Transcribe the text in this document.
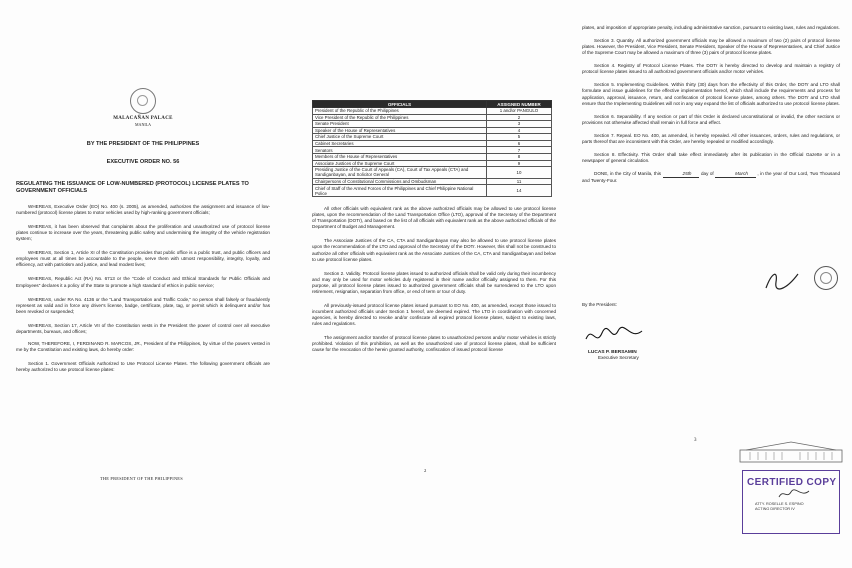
MALACAÑAN PALACE
MANILA
BY THE PRESIDENT OF THE PHILIPPINES
EXECUTIVE ORDER NO. 56
REGULATING THE ISSUANCE OF LOW-NUMBERED (PROTOCOL) LICENSE PLATES TO GOVERNMENT OFFICIALS

WHEREAS, Executive Order (EO) No. 400 (s. 2005), as amended, authorizes the assignment and issuance of low-numbered (protocol) license plates to motor vehicles used by high-ranking government officials;

WHEREAS, it has been observed that complaints about the proliferation and unauthorized use of protocol license plates continue to increase over the years, threatening public safety and undermining the integrity of the vehicle registration system;

WHEREAS, Section 1, Article XI of the Constitution provides that public office is a public trust, and public officers and employees must at all times be accountable to the people, serve them with utmost responsibility, integrity, loyalty, and efficiency, act with patriotism and justice, and lead modest lives;

WHEREAS, Republic Act (RA) No. 6713 or the "Code of Conduct and Ethical Standards for Public Officials and Employees" declares it a policy of the State to promote a high standard of ethics in public service;

WHEREAS, under RA No. 4136 or the "Land Transportation and Traffic Code," no person shall falsely or fraudulently represent as valid and in force any driver's license, badge, certificate, plate, tag, or permit which is delinquent and/or has been revoked or suspended;

WHEREAS, Section 17, Article VII of the Constitution vests in the President the power of control over all executive departments, bureaus, and offices;

NOW, THEREFORE, I, FERDINAND R. MARCOS, JR., President of the Philippines, by virtue of the powers vested in me by the Constitution and existing laws, do hereby order:

Section 1. Government Officials Authorized to Use Protocol License Plates. The following government officials are hereby authorized to use protocol license plates:

THE PRESIDENT OF THE PHILIPPINES
OFFICIALS	ASSIGNED NUMBER
President of the Republic of the Philippines	1 and/or PANGULO
Vice President of the Republic of the Philippines	2
Senate President	3
Speaker of the House of Representatives	4
Chief Justice of the Supreme Court	5
Cabinet Secretaries	6
Senators	7
Members of the House of Representatives	8
Associate Justices of the Supreme Court	9
Presiding Justice of the Court of Appeals (CA), Court of Tax Appeals (CTA) and Sandiganbayan, and Solicitor General	10
Chairpersons of Constitutional Commissions and Ombudsman	11
Chief of Staff of the Armed Forces of the Philippines and Chief Philippine National Police	14

All other officials with equivalent rank as the above authorized officials may be allowed to use protocol license plates, upon the recommendation of the Land Transportation Office (LTO), approval of the Secretary of the Department of Transportation (DOTr), and based on the list of all officials with equivalent rank as the above authorized officials of the Department of Budget and Management.

The Associate Justices of the CA, CTA and Sandiganbayan may also be allowed to use protocol license plates upon the recommendation of the LTO and approval of the Secretary of the DOTr. However, this shall not be construed to authorize all other officials with equivalent rank as the Associate Justices of the CA, CTA and Sandiganbayan and below to use protocol license plates.

Section 2. Validity. Protocol license plates issued to authorized officials shall be valid only during their incumbency and may only be used for motor vehicles duly registered in their name and/or officially assigned to them. For this purpose, all protocol license plates issued to authorized government officials shall be surrendered to the LTO upon retirement, resignation, separation from office, or end of term or tour of duty.

All previously-issued protocol license plates issued pursuant to EO No. 400, as amended, except those issued to incumbent authorized officials under Section 1 hereof, are deemed expired. The LTO in coordination with concerned agencies, is hereby directed to revoke and/or confiscate all expired protocol license plates, subject to existing laws, rules and regulations.

The assignment and/or transfer of protocol license plates to unauthorized persons and/or motor vehicles is strictly prohibited. Violation of this prohibition, as well as the unauthorized use of protocol license plates, shall be sufficient cause for the revocation of the herein granted authority, confiscation of issued protocol license

2

plates, and imposition of appropriate penalty, including administrative sanction, pursuant to existing laws, rules and regulations.

Section 3. Quantity. All authorized government officials may be allowed a maximum of two (2) pairs of protocol license plates. However, the President, Vice President, Senate President, Speaker of the House of Representatives, and Chief Justice of the Supreme Court may be allowed a maximum of three (3) pairs of protocol license plates.

Section 4. Registry of Protocol License Plates. The DOTr is hereby directed to develop and maintain a registry of protocol license plates issued to all authorized government officials and/or motor vehicles.

Section 5. Implementing Guidelines. Within thirty (30) days from the effectivity of this Order, the DOTr and LTO shall formulate and issue guidelines for the effective implementation hereof, which shall include the requirements and process for application, approval, issuance, return, and confiscation of protocol license plates, among others. The DOTr and LTO shall ensure that the Implementing Guidelines will not in any way expand the list of officials authorized to use protocol license plates.

Section 6. Separability. If any section or part of this Order is declared unconstitutional or invalid, the other sections or provisions not otherwise affected shall remain in full force and effect.

Section 7. Repeal. EO No. 400, as amended, is hereby repealed. All other issuances, orders, rules and regulations, or parts thereof that are inconsistent with this Order, are hereby repealed or modified accordingly.

Section 8. Effectivity. This Order shall take effect immediately after its publication in the Official Gazette or in a newspaper of general circulation.

DONE, in the City of Manila, this	25th day of	March , in the year of Our Lord, Two Thousand and Twenty-Four.

By the President:
LUCAS P. BERSAMIN
Executive Secretary
3
CERTIFIED COPY
ATTY. ROSELLE S. ESPINO
ACTING DIRECTOR IV
